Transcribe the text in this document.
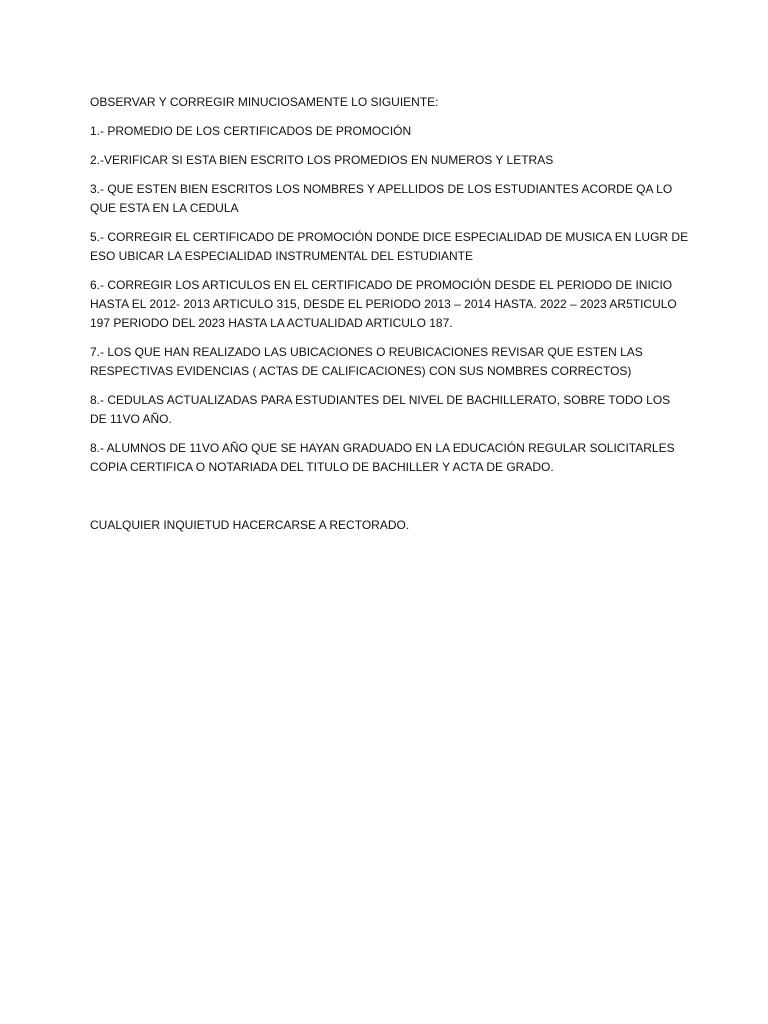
OBSERVAR Y CORREGIR MINUCIOSAMENTE LO SIGUIENTE:

1.- PROMEDIO DE LOS CERTIFICADOS DE PROMOCIÓN

2.-VERIFICAR SI ESTA BIEN ESCRITO LOS PROMEDIOS EN NUMEROS Y LETRAS

3.- QUE ESTEN BIEN ESCRITOS LOS NOMBRES Y APELLIDOS DE LOS ESTUDIANTES ACORDE QA LO QUE ESTA EN LA CEDULA

5.- CORREGIR EL CERTIFICADO DE PROMOCIÓN DONDE DICE ESPECIALIDAD DE MUSICA EN LUGR DE ESO UBICAR LA ESPECIALIDAD INSTRUMENTAL DEL ESTUDIANTE

6.- CORREGIR LOS ARTICULOS EN EL CERTIFICADO DE PROMOCIÓN DESDE EL PERIODO DE INICIO HASTA EL 2012- 2013 ARTICULO 315, DESDE EL PERIODO 2013 – 2014 HASTA. 2022 – 2023 AR5TICULO 197 PERIODO DEL 2023 HASTA LA ACTUALIDAD ARTICULO 187.

7.- LOS QUE HAN REALIZADO LAS UBICACIONES O REUBICACIONES REVISAR QUE ESTEN LAS RESPECTIVAS EVIDENCIAS ( ACTAS DE CALIFICACIONES) CON SUS NOMBRES CORRECTOS)

8.- CEDULAS ACTUALIZADAS PARA ESTUDIANTES DEL NIVEL DE BACHILLERATO, SOBRE TODO LOS DE 11VO AÑO.

8.- ALUMNOS DE 11VO AÑO QUE SE HAYAN GRADUADO EN LA EDUCACIÓN REGULAR SOLICITARLES COPIA CERTIFICA O NOTARIADA DEL TITULO DE BACHILLER Y ACTA DE GRADO.

CUALQUIER INQUIETUD HACERCARSE A RECTORADO.
